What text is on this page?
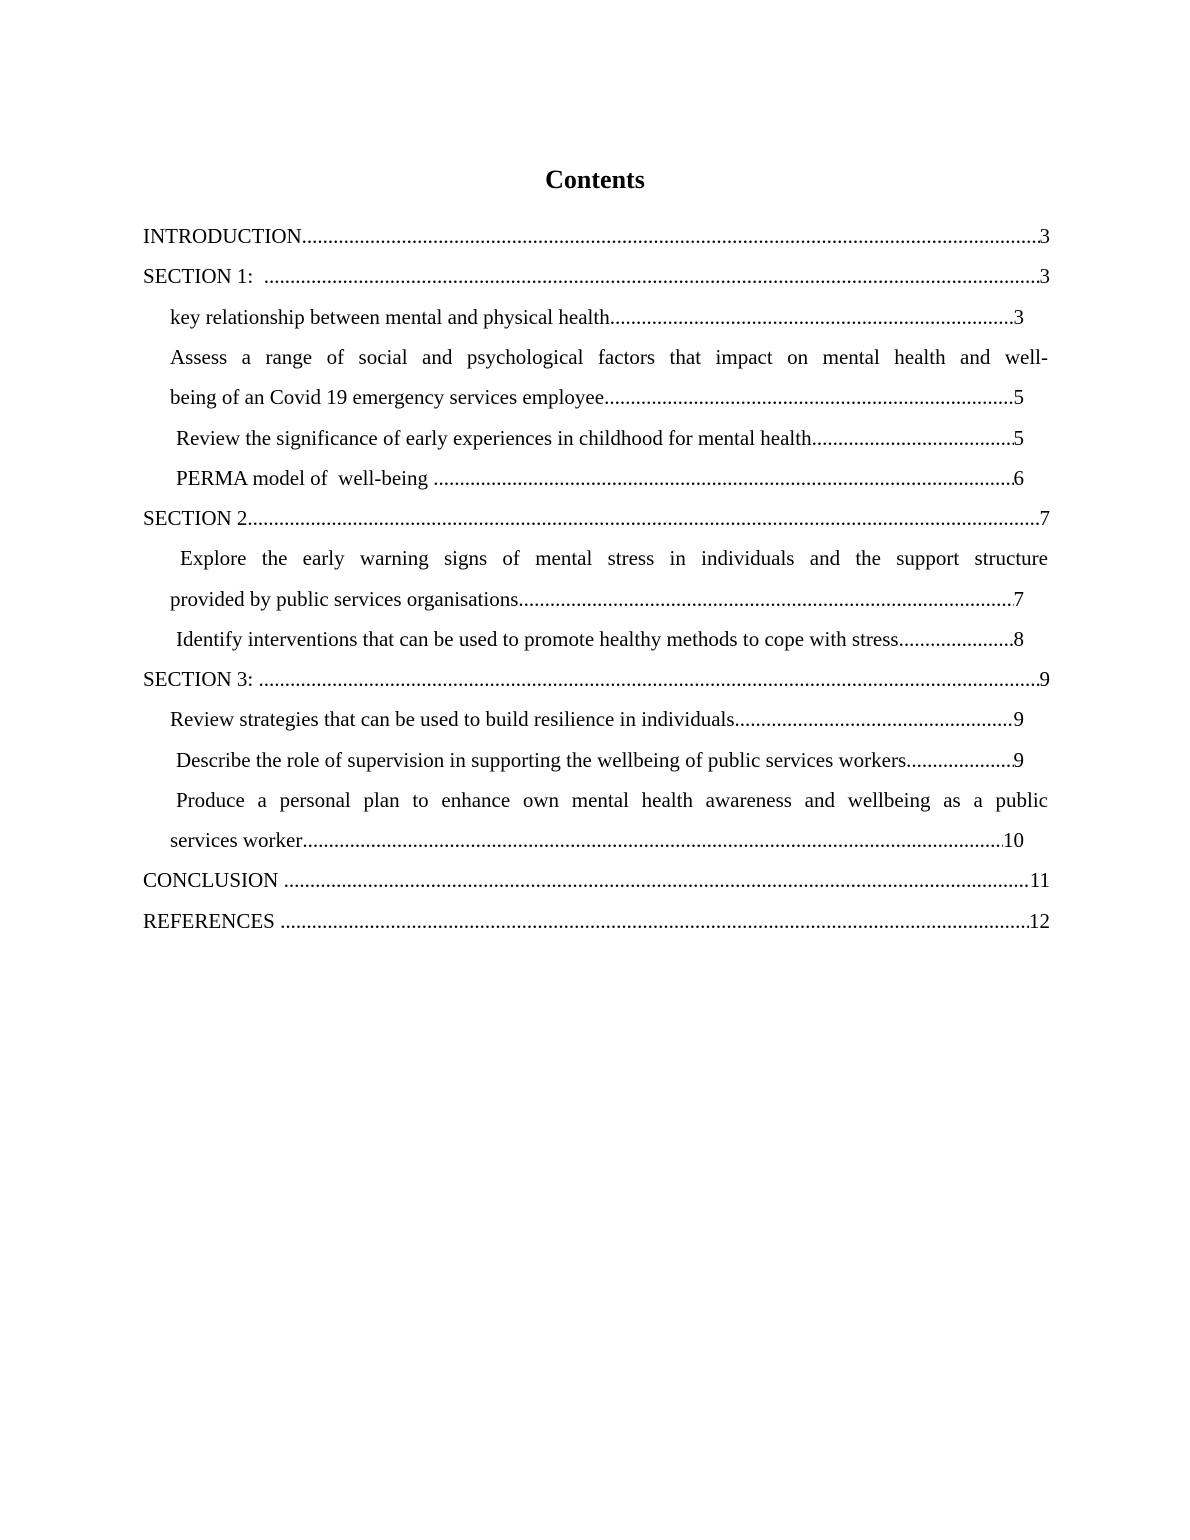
Contents
INTRODUCTION .....	3
SECTION 1: .....	3
key relationship between mental and physical health .....	3
Assess a range of social and psychological factors that impact on mental health and well-
being of an Covid 19 emergency services employee .....	5
Review the significance of early experiences in childhood for mental health .....	5
PERMA model of  well-being .....	6
SECTION 2 .....	7
Explore the early warning signs of mental stress in individuals and the support structure
provided by public services organisations .....	7
Identify interventions that can be used to promote healthy methods to cope with stress. .....	8
SECTION 3: .....	9
Review strategies that can be used to build resilience in individuals .....	9
Describe the role of supervision in supporting the wellbeing of public services workers. .....	9
Produce a personal plan to enhance own mental health awareness and wellbeing as a public
services worker .....	10
CONCLUSION .....	11
REFERENCES .....	12
